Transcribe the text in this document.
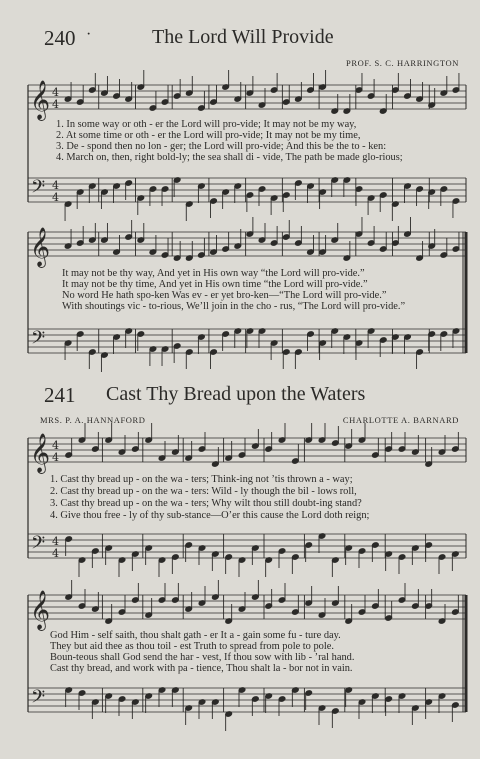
240 ·	The Lord Will Provide
PROF. S. C. HARRINGTON
𝄞
𝄢
4
4
4
4
𝄞
𝄢
𝄞
𝄢
4
4
4
4
𝄞
𝄢
1. In some way or oth - er the Lord will pro-vide; It may not be my way,
2. At some time or oth - er the Lord will pro-vide; It may not be my time,
3. De - spond then no lon - ger; the Lord will pro-vide; And this be the to - ken:
4. March on, then, right bold-ly; the sea shall di - vide, The path be made glo-rious;
It may not be thy way, And yet in His own way “the Lord will pro-vide.”
It may not be thy time, And yet in His own time “the Lord will pro-vide.”
No word He hath spo-ken Was ev - er yet bro-ken—“The Lord will pro-vide.”
With shoutings vic - to-rious, We’ll join in the cho - rus, “The Lord will pro-vide.”
241 Cast Thy Bread upon the Waters
MRS. P. A. HANNAFORD	CHARLOTTE A. BARNARD
1. Cast thy bread up - on the wa - ters; Think-ing not ’tis thrown a - way;
2. Cast thy bread up - on the wa - ters: Wild - ly though the bil - lows roll,
3. Cast thy bread up - on the wa - ters; Why wilt thou still doubt-ing stand?
4. Give thou free - ly of thy sub-stance—O’er this cause the Lord doth reign;
God Him - self saith, thou shalt gath - er It a - gain some fu - ture day.
They but aid thee as thou toil - est Truth to spread from pole to pole.
Boun-teous shall God send the har - vest, If thou sow with lib - ’ral hand.
Cast thy bread, and work with pa - tience, Thou shalt la - bor not in vain.
